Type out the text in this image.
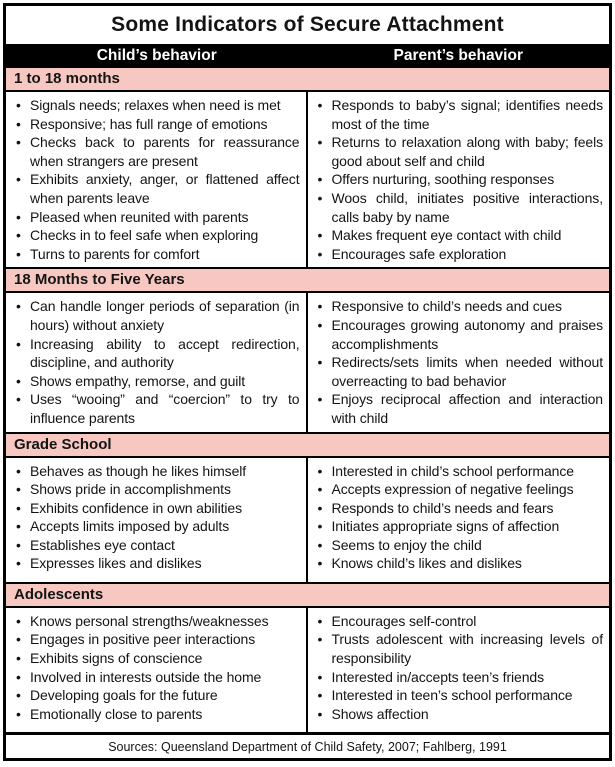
Some Indicators of Secure Attachment
Child’s behavior	Parent’s behavior
1 to 18 months
• Signals needs; relaxes when need is met
• Responsive; has full range of emotions
• Checks back to parents for reassurance when strangers are present
• Exhibits anxiety, anger, or flattened affect when parents leave
• Pleased when reunited with parents
• Checks in to feel safe when exploring
• Turns to parents for comfort
• Responds to baby’s signal; identifies needs most of the time
• Returns to relaxation along with baby; feels good about self and child
• Offers nurturing, soothing responses
• Woos child, initiates positive interactions, calls baby by name
• Makes frequent eye contact with child
• Encourages safe exploration
18 Months to Five Years
• Can handle longer periods of separation (in hours) without anxiety
• Increasing ability to accept redirection, discipline, and authority
• Shows empathy, remorse, and guilt
• Uses “wooing” and “coercion” to try to influence parents
• Responsive to child’s needs and cues
• Encourages growing autonomy and praises accomplishments
• Redirects/sets limits when needed without overreacting to bad behavior
• Enjoys reciprocal affection and interaction with child
Grade School
• Behaves as though he likes himself
• Shows pride in accomplishments
• Exhibits confidence in own abilities
• Accepts limits imposed by adults
• Establishes eye contact
• Expresses likes and dislikes
• Interested in child’s school performance
• Accepts expression of negative feelings
• Responds to child’s needs and fears
• Initiates appropriate signs of affection
• Seems to enjoy the child
• Knows child’s likes and dislikes
Adolescents
• Knows personal strengths/weaknesses
• Engages in positive peer interactions
• Exhibits signs of conscience
• Involved in interests outside the home
• Developing goals for the future
• Emotionally close to parents
• Encourages self-control
• Trusts adolescent with increasing levels of responsibility
• Interested in/accepts teen’s friends
• Interested in teen’s school performance
• Shows affection
Sources: Queensland Department of Child Safety, 2007; Fahlberg, 1991
